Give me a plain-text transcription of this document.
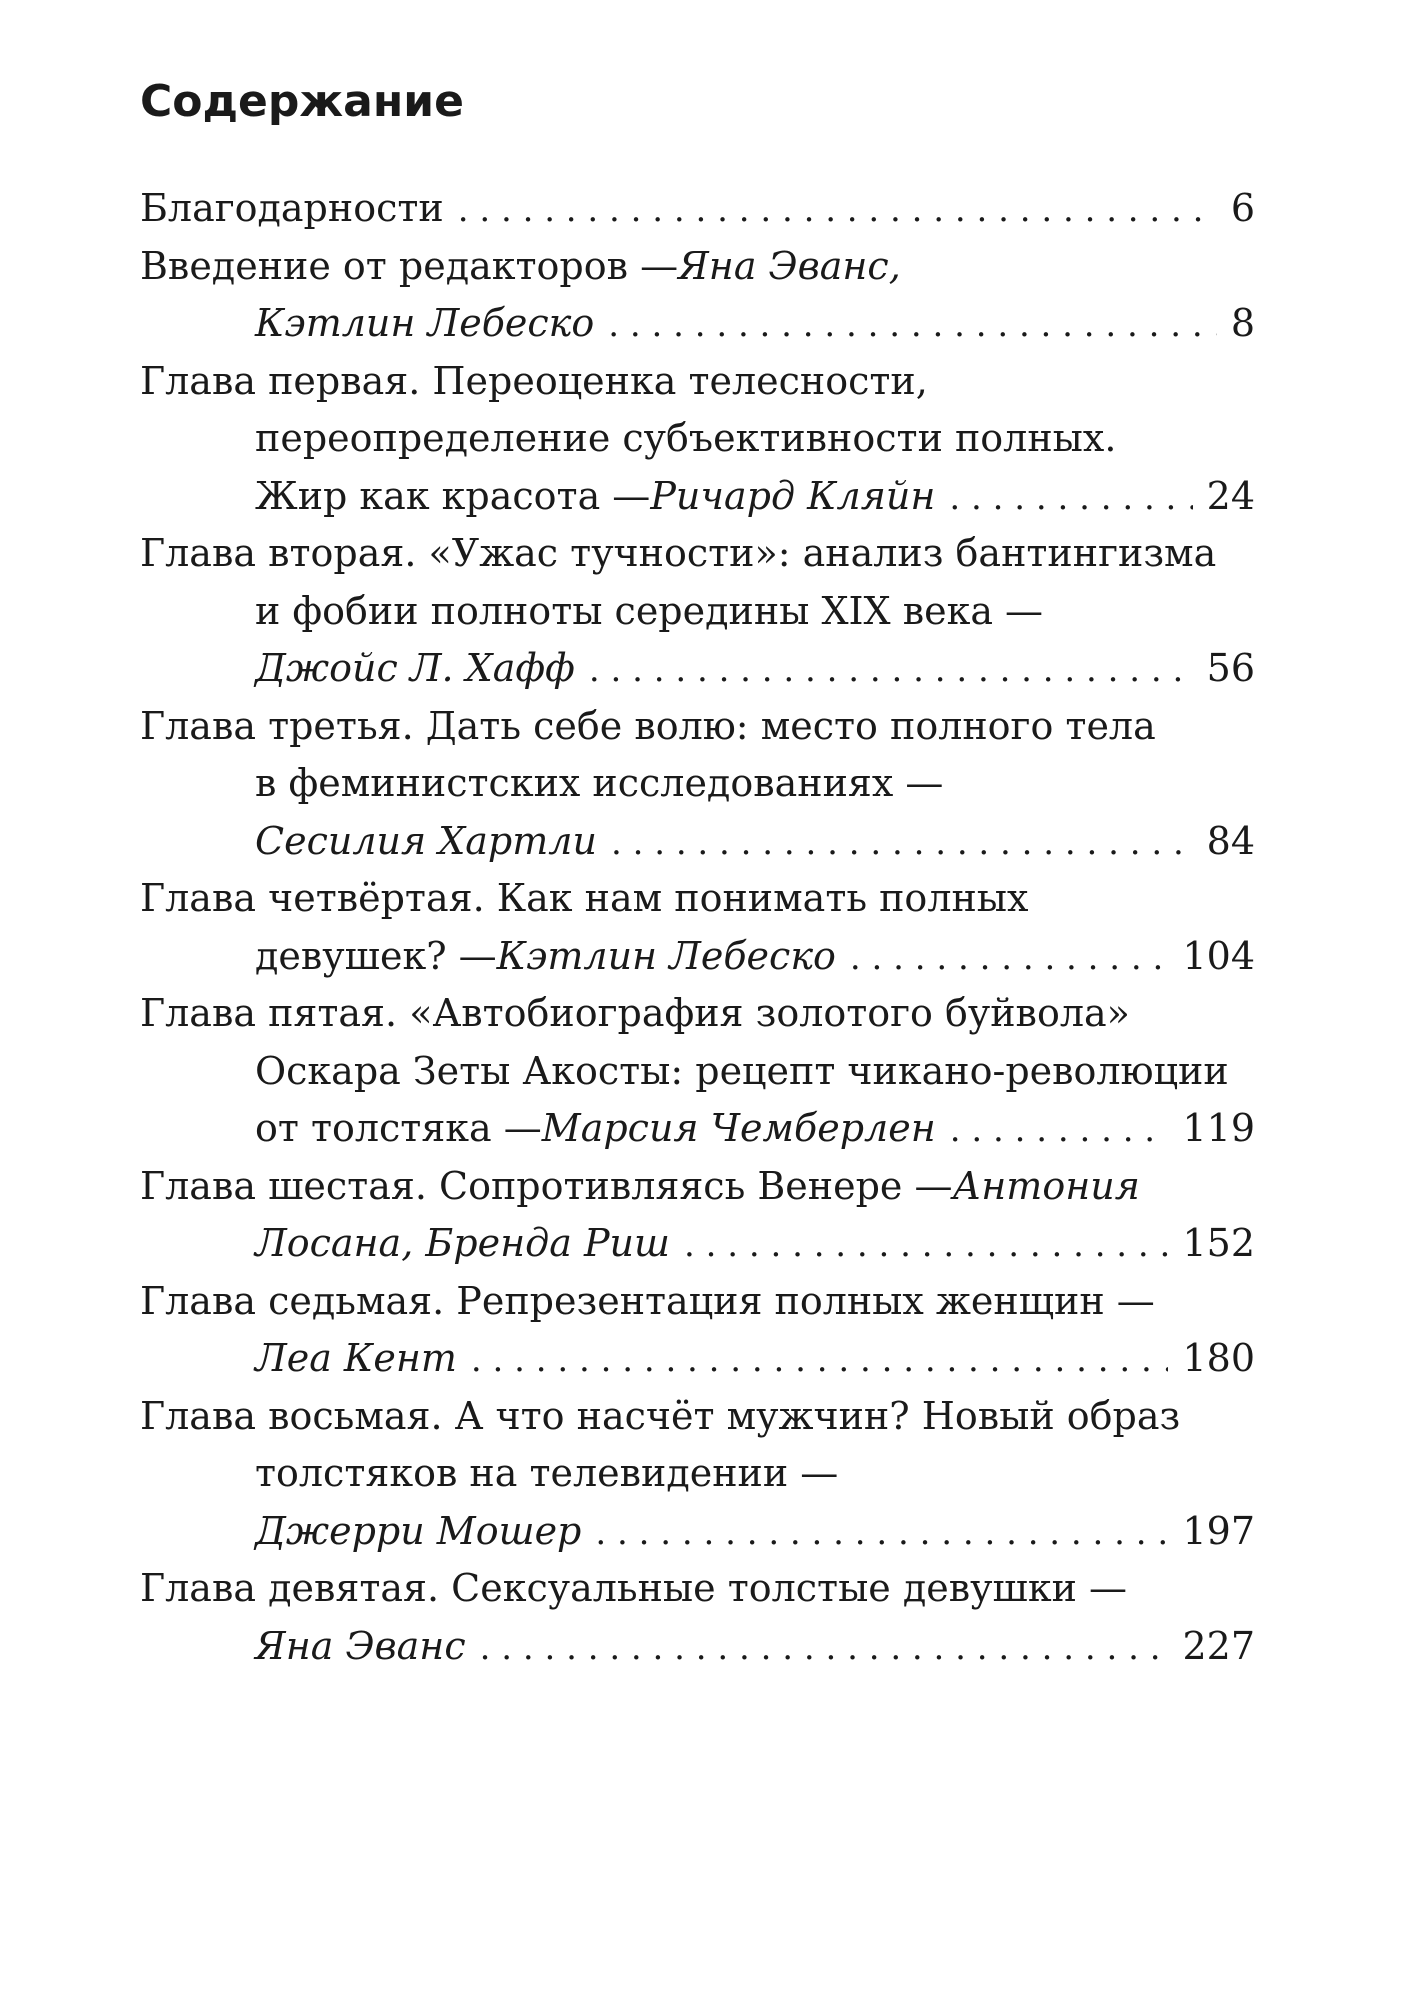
Содержание
Благодарности . . .	6
Введение от редакторов — Яна Эванс,
Кэтлин Лебеско . . .	8
Глава первая. Переоценка телесности,
переопределение субъективности полных.
Жир как красота — Ричард Кляйн . . .	24
Глава вторая. «Ужас тучности»: анализ бантингизма
и фобии полноты середины XIX века —
Джойс Л. Хафф . . .	56
Глава третья. Дать себе волю: место полного тела
в феминистских исследованиях —
Сесилия Хартли . . .	84
Глава четвёртая. Как нам понимать полных
девушек? — Кэтлин Лебеско . . .	104
Глава пятая. «Автобиография золотого буйвола»
Оскара Зеты Акосты: рецепт чикано-революции
от толстяка — Марсия Чемберлен . . .	119
Глава шестая. Сопротивляясь Венере — Антония
Лосана, Бренда Риш . . .	152
Глава седьмая. Репрезентация полных женщин —
Леа Кент . . .	180
Глава восьмая. А что насчёт мужчин? Новый образ
толстяков на телевидении —
Джерри Мошер . . .	197
Глава девятая. Сексуальные толстые девушки —
Яна Эванс . . .	227
